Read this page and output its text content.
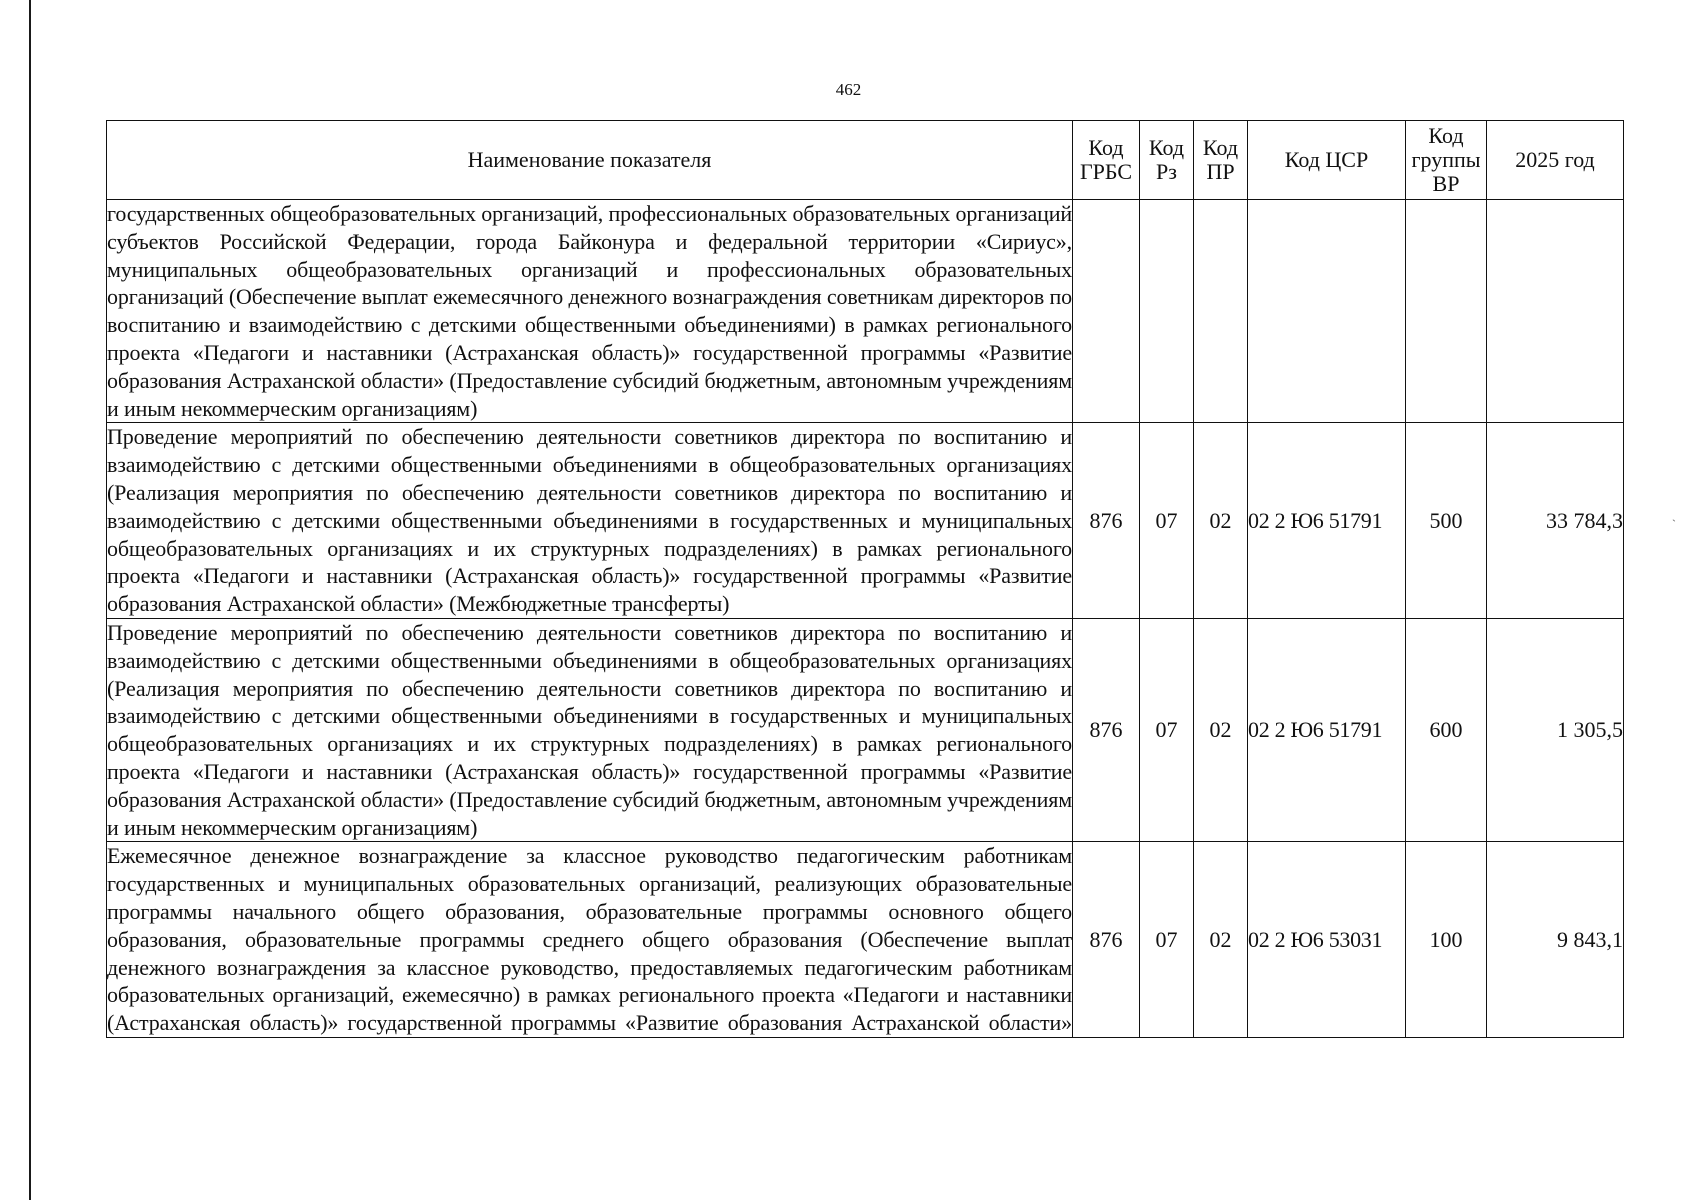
462
`
Наименование показателя	Код ГРБС	Код Рз	Код ПР	Код ЦСР	Код группы ВР	2025 год
государственных общеобразовательных организаций, профессиональных образовательных организаций субъектов Российской Федерации, города Байконура и федеральной территории «Сириус», муниципальных общеобразовательных организаций и профессиональных образовательных организаций (Обеспечение выплат ежемесячного денежного вознаграждения советникам директоров по воспитанию и взаимодействию с детскими общественными объединениями) в рамках регионального проекта «Педагоги и наставники (Астраханская область)» государственной программы «Развитие образования Астраханской области» (Предоставление субсидий бюджетным, автономным учреждениям и иным некоммерческим организациям)						
Проведение мероприятий по обеспечению деятельности советников директора по воспитанию и взаимодействию с детскими общественными объединениями в общеобразовательных организациях (Реализация мероприятия по обеспечению деятельности советников директора по воспитанию и взаимодействию с детскими общественными объединениями в государственных и муниципальных общеобразовательных организациях и их структурных подразделениях) в рамках регионального проекта «Педагоги и наставники (Астраханская область)» государственной программы «Развитие образования Астраханской области» (Межбюджетные трансферты)	876	07	02	02 2 Ю6 51791	500	33 784,3
Проведение мероприятий по обеспечению деятельности советников директора по воспитанию и взаимодействию с детскими общественными объединениями в общеобразовательных организациях (Реализация мероприятия по обеспечению деятельности советников директора по воспитанию и взаимодействию с детскими общественными объединениями в государственных и муниципальных общеобразовательных организациях и их структурных подразделениях) в рамках регионального проекта «Педагоги и наставники (Астраханская область)» государственной программы «Развитие образования Астраханской области» (Предоставление субсидий бюджетным, автономным учреждениям и иным некоммерческим организациям)	876	07	02	02 2 Ю6 51791	600	1 305,5
Ежемесячное денежное вознаграждение за классное руководство педагогическим работникам государственных и муниципальных образовательных организаций, реализующих образовательные программы начального общего образования, образовательные программы основного общего образования, образовательные программы среднего общего образования (Обеспечение выплат денежного вознаграждения за классное руководство, предоставляемых педагогическим работникам образовательных организаций, ежемесячно) в рамках регионального проекта «Педагоги и наставники (Астраханская область)» государственной программы «Развитие образования Астраханской области»	876	07	02	02 2 Ю6 53031	100	9 843,1
